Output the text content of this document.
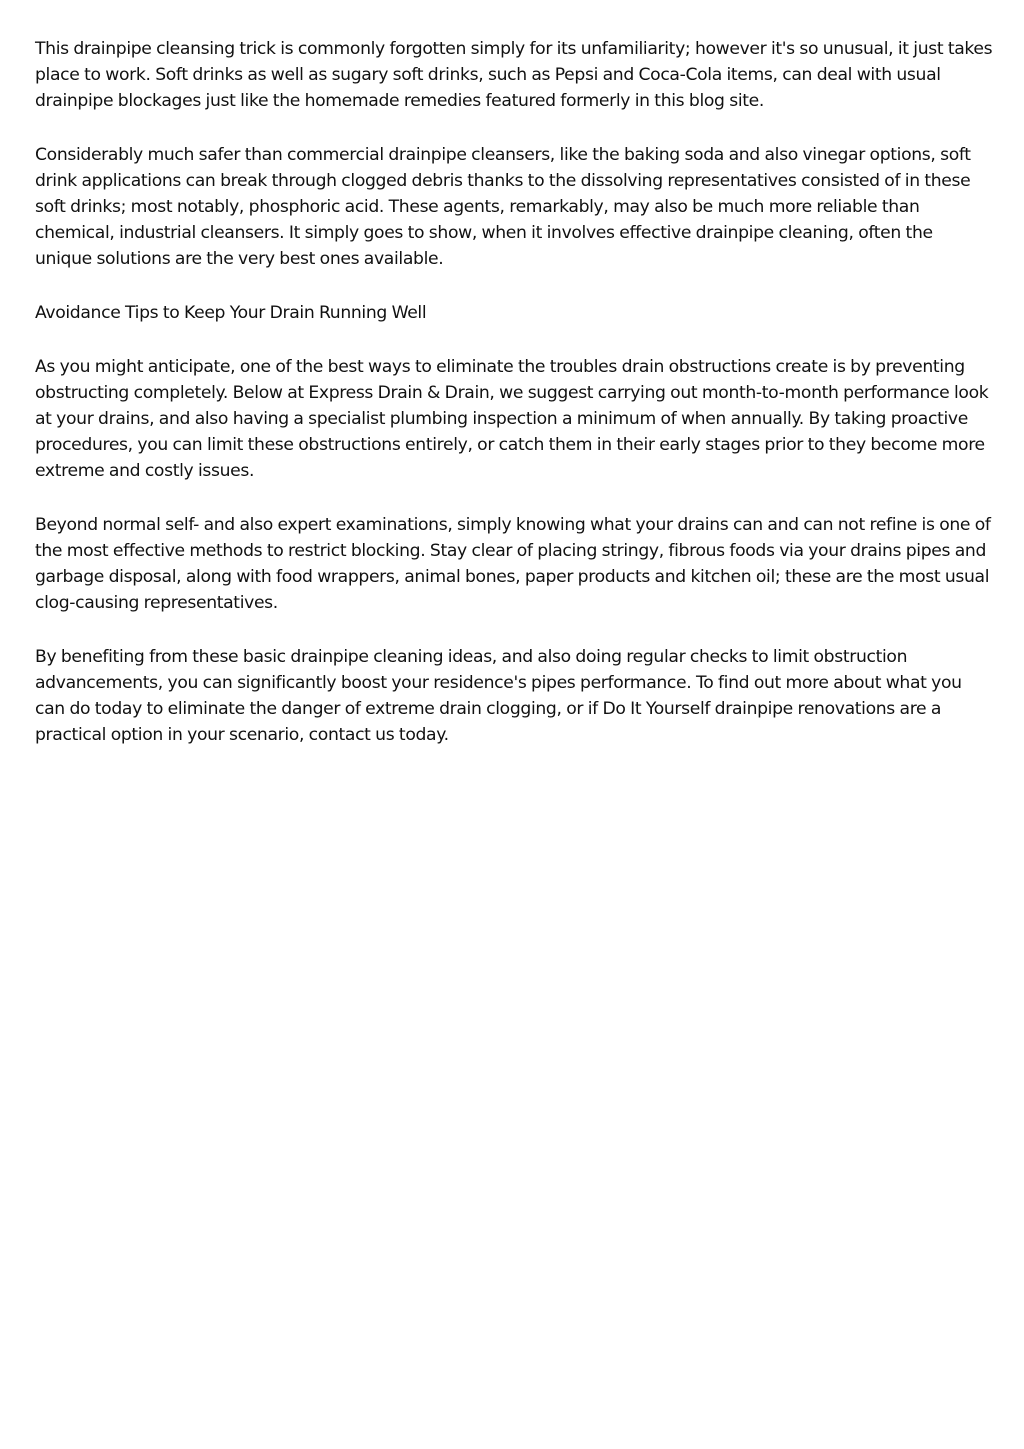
This drainpipe cleansing trick is commonly forgotten simply for its unfamiliarity; however it's so unusual, it just takes place to work. Soft drinks as well as sugary soft drinks, such as Pepsi and Coca-Cola items, can deal with usual drainpipe blockages just like the homemade remedies featured formerly in this blog site.

Considerably much safer than commercial drainpipe cleansers, like the baking soda and also vinegar options, soft drink applications can break through clogged debris thanks to the dissolving representatives consisted of in these soft drinks; most notably, phosphoric acid. These agents, remarkably, may also be much more reliable than chemical, industrial cleansers. It simply goes to show, when it involves effective drainpipe cleaning, often the unique solutions are the very best ones available.

Avoidance Tips to Keep Your Drain Running Well

As you might anticipate, one of the best ways to eliminate the troubles drain obstructions create is by preventing obstructing completely. Below at Express Drain & Drain, we suggest carrying out month-to-month performance look at your drains, and also having a specialist plumbing inspection a minimum of when annually. By taking proactive procedures, you can limit these obstructions entirely, or catch them in their early stages prior to they become more extreme and costly issues.

Beyond normal self- and also expert examinations, simply knowing what your drains can and can not refine is one of the most effective methods to restrict blocking. Stay clear of placing stringy, fibrous foods via your drains pipes and garbage disposal, along with food wrappers, animal bones, paper products and kitchen oil; these are the most usual clog-causing representatives.

By benefiting from these basic drainpipe cleaning ideas, and also doing regular checks to limit obstruction advancements, you can significantly boost your residence's pipes performance. To find out more about what you can do today to eliminate the danger of extreme drain clogging, or if Do It Yourself drainpipe renovations are a practical option in your scenario, contact us today.
